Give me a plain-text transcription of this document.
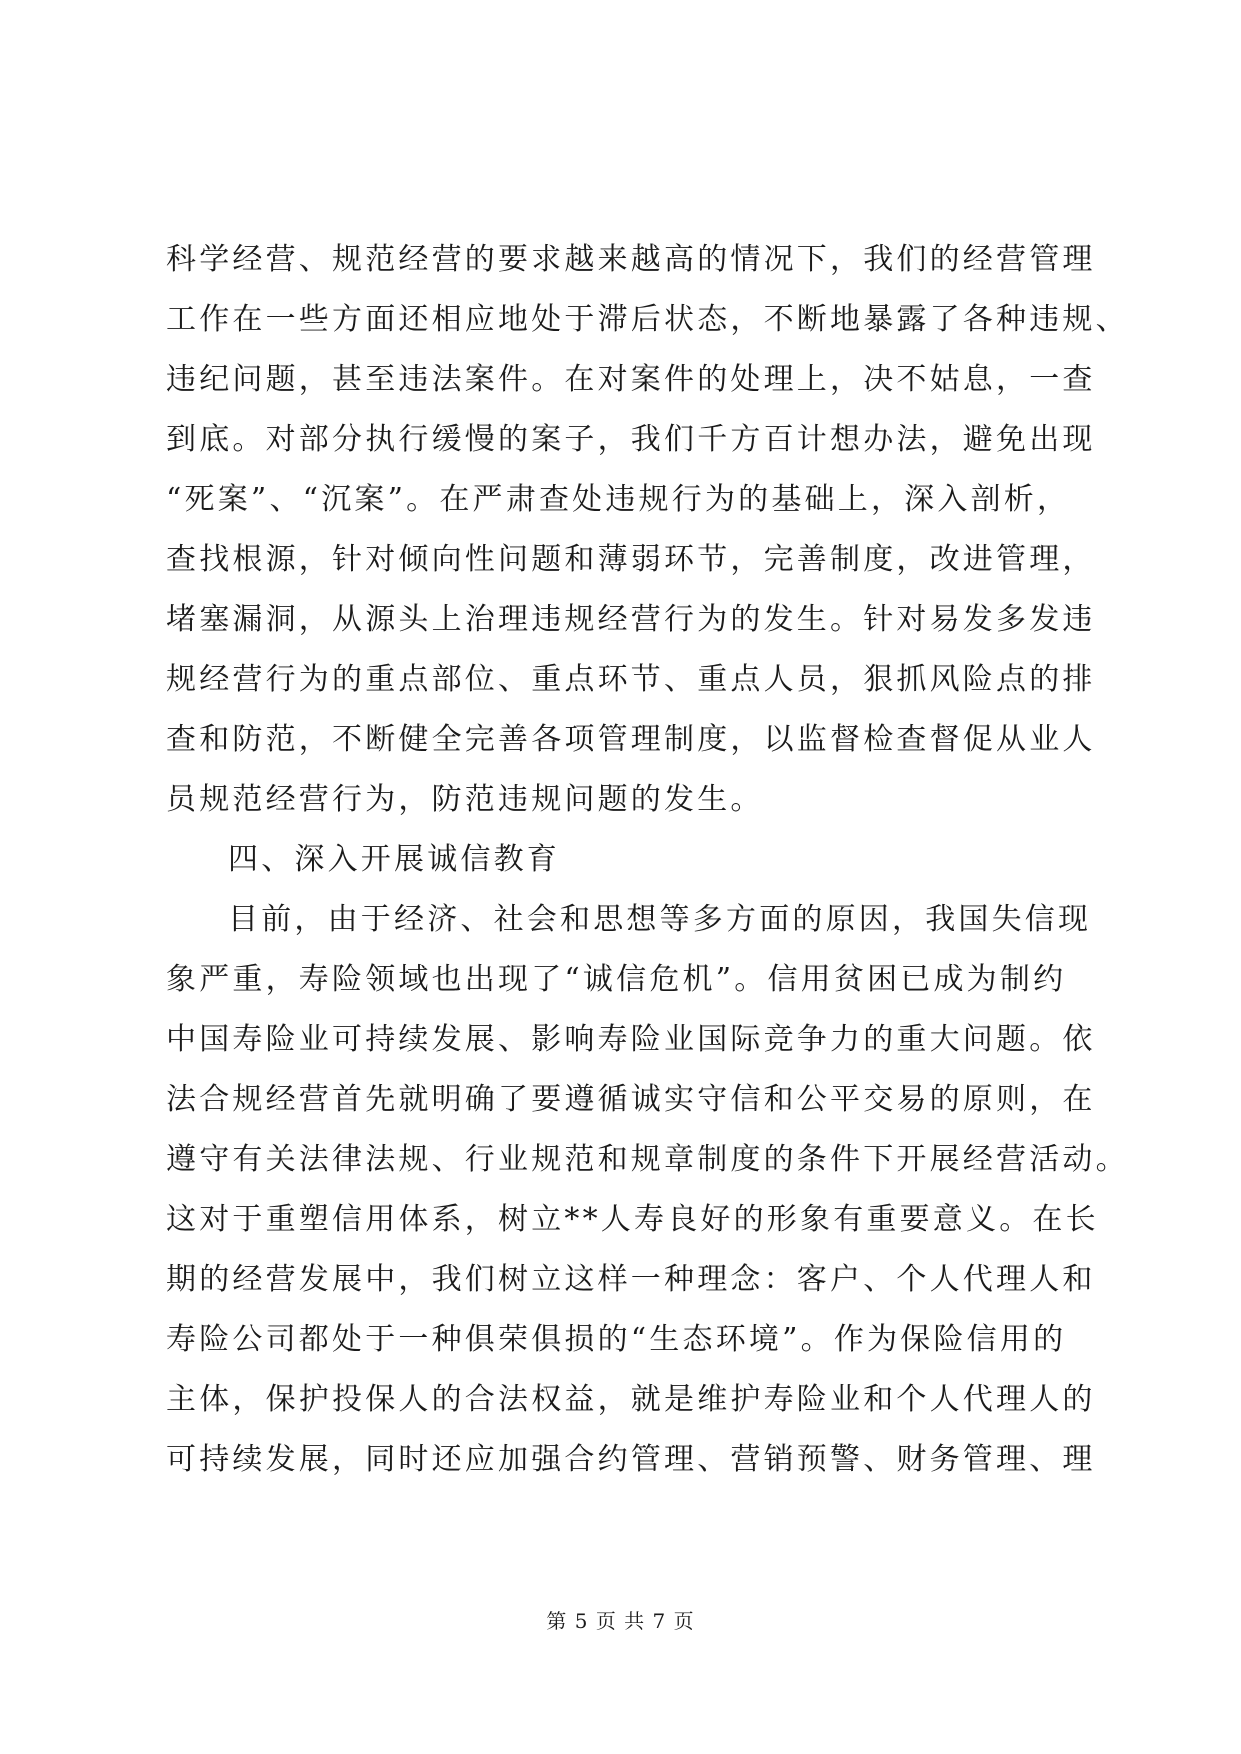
科学经营、规范经营的要求越来越高的情况下，我们的经营管理
工作在一些方面还相应地处于滞后状态，不断地暴露了各种违规、
违纪问题，甚至违法案件。在对案件的处理上，决不姑息，一查
到底。对部分执行缓慢的案子，我们千方百计想办法，避免出现
“死案”、“沉案”。在严肃查处违规行为的基础上，深入剖析，
查找根源，针对倾向性问题和薄弱环节，完善制度，改进管理，
堵塞漏洞，从源头上治理违规经营行为的发生。针对易发多发违
规经营行为的重点部位、重点环节、重点人员，狠抓风险点的排
查和防范，不断健全完善各项管理制度，以监督检查督促从业人
员规范经营行为，防范违规问题的发生。
四、深入开展诚信教育
目前，由于经济、社会和思想等多方面的原因，我国失信现
象严重，寿险领域也出现了“诚信危机”。信用贫困已成为制约
中国寿险业可持续发展、影响寿险业国际竞争力的重大问题。依
法合规经营首先就明确了要遵循诚实守信和公平交易的原则，在
遵守有关法律法规、行业规范和规章制度的条件下开展经营活动。
这对于重塑信用体系，树立**人寿良好的形象有重要意义。在长
期的经营发展中，我们树立这样一种理念：客户、个人代理人和
寿险公司都处于一种俱荣俱损的“生态环境”。作为保险信用的
主体，保护投保人的合法权益，就是维护寿险业和个人代理人的
可持续发展，同时还应加强合约管理、营销预警、财务管理、理
第 5 页 共 7 页
